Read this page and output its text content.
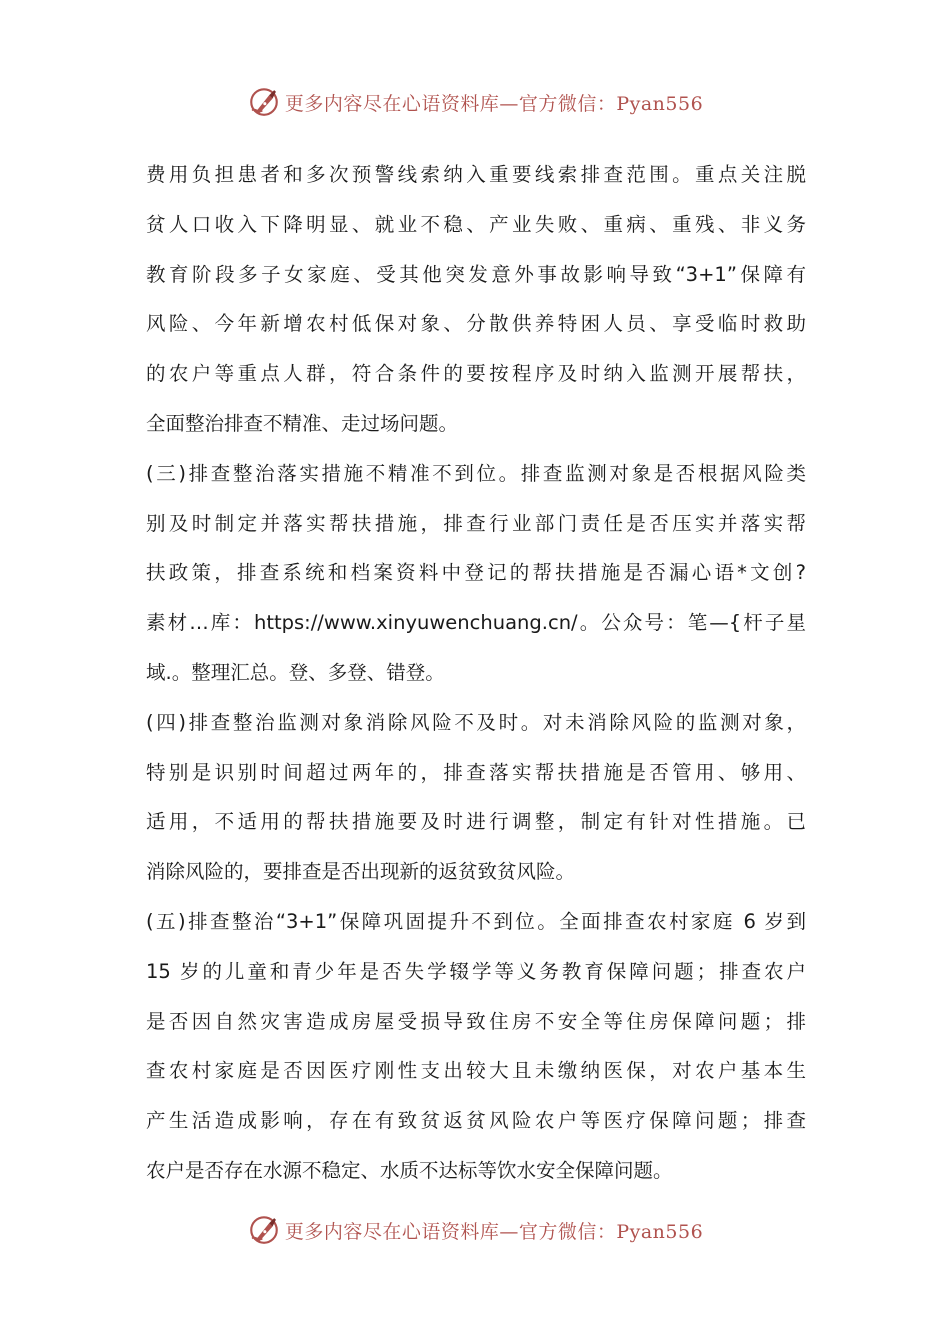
更多内容尽在心语资料库—官方微信：Pyan556
费用负担患者和多次预警线索纳入重要线索排查范围。重点关注脱
贫人口收入下降明显、就业不稳、产业失败、重病、重残、非义务
教育阶段多子女家庭、受其他突发意外事故影响导致“3+1”保障有
风险、今年新增农村低保对象、分散供养特困人员、享受临时救助
的农户等重点人群，符合条件的要按程序及时纳入监测开展帮扶，
全面整治排查不精准、走过场问题。
(三)排查整治落实措施不精准不到位。排查监测对象是否根据风险类
别及时制定并落实帮扶措施，排查行业部门责任是否压实并落实帮
扶政策，排查系统和档案资料中登记的帮扶措施是否漏心语*文创?
素材…库：https://www.xinyuwenchuang.cn/。公众号：笔—{杆子星
域.。整理汇总。登、多登、错登。
(四)排查整治监测对象消除风险不及时。对未消除风险的监测对象，
特别是识别时间超过两年的，排查落实帮扶措施是否管用、够用、
适用，不适用的帮扶措施要及时进行调整，制定有针对性措施。已
消除风险的，要排查是否出现新的返贫致贫风险。
(五)排查整治“3+1”保障巩固提升不到位。全面排查农村家庭 6 岁到
15 岁的儿童和青少年是否失学辍学等义务教育保障问题；排查农户
是否因自然灾害造成房屋受损导致住房不安全等住房保障问题；排
查农村家庭是否因医疗刚性支出较大且未缴纳医保，对农户基本生
产生活造成影响，存在有致贫返贫风险农户等医疗保障问题；排查
农户是否存在水源不稳定、水质不达标等饮水安全保障问题。
更多内容尽在心语资料库—官方微信：Pyan556
